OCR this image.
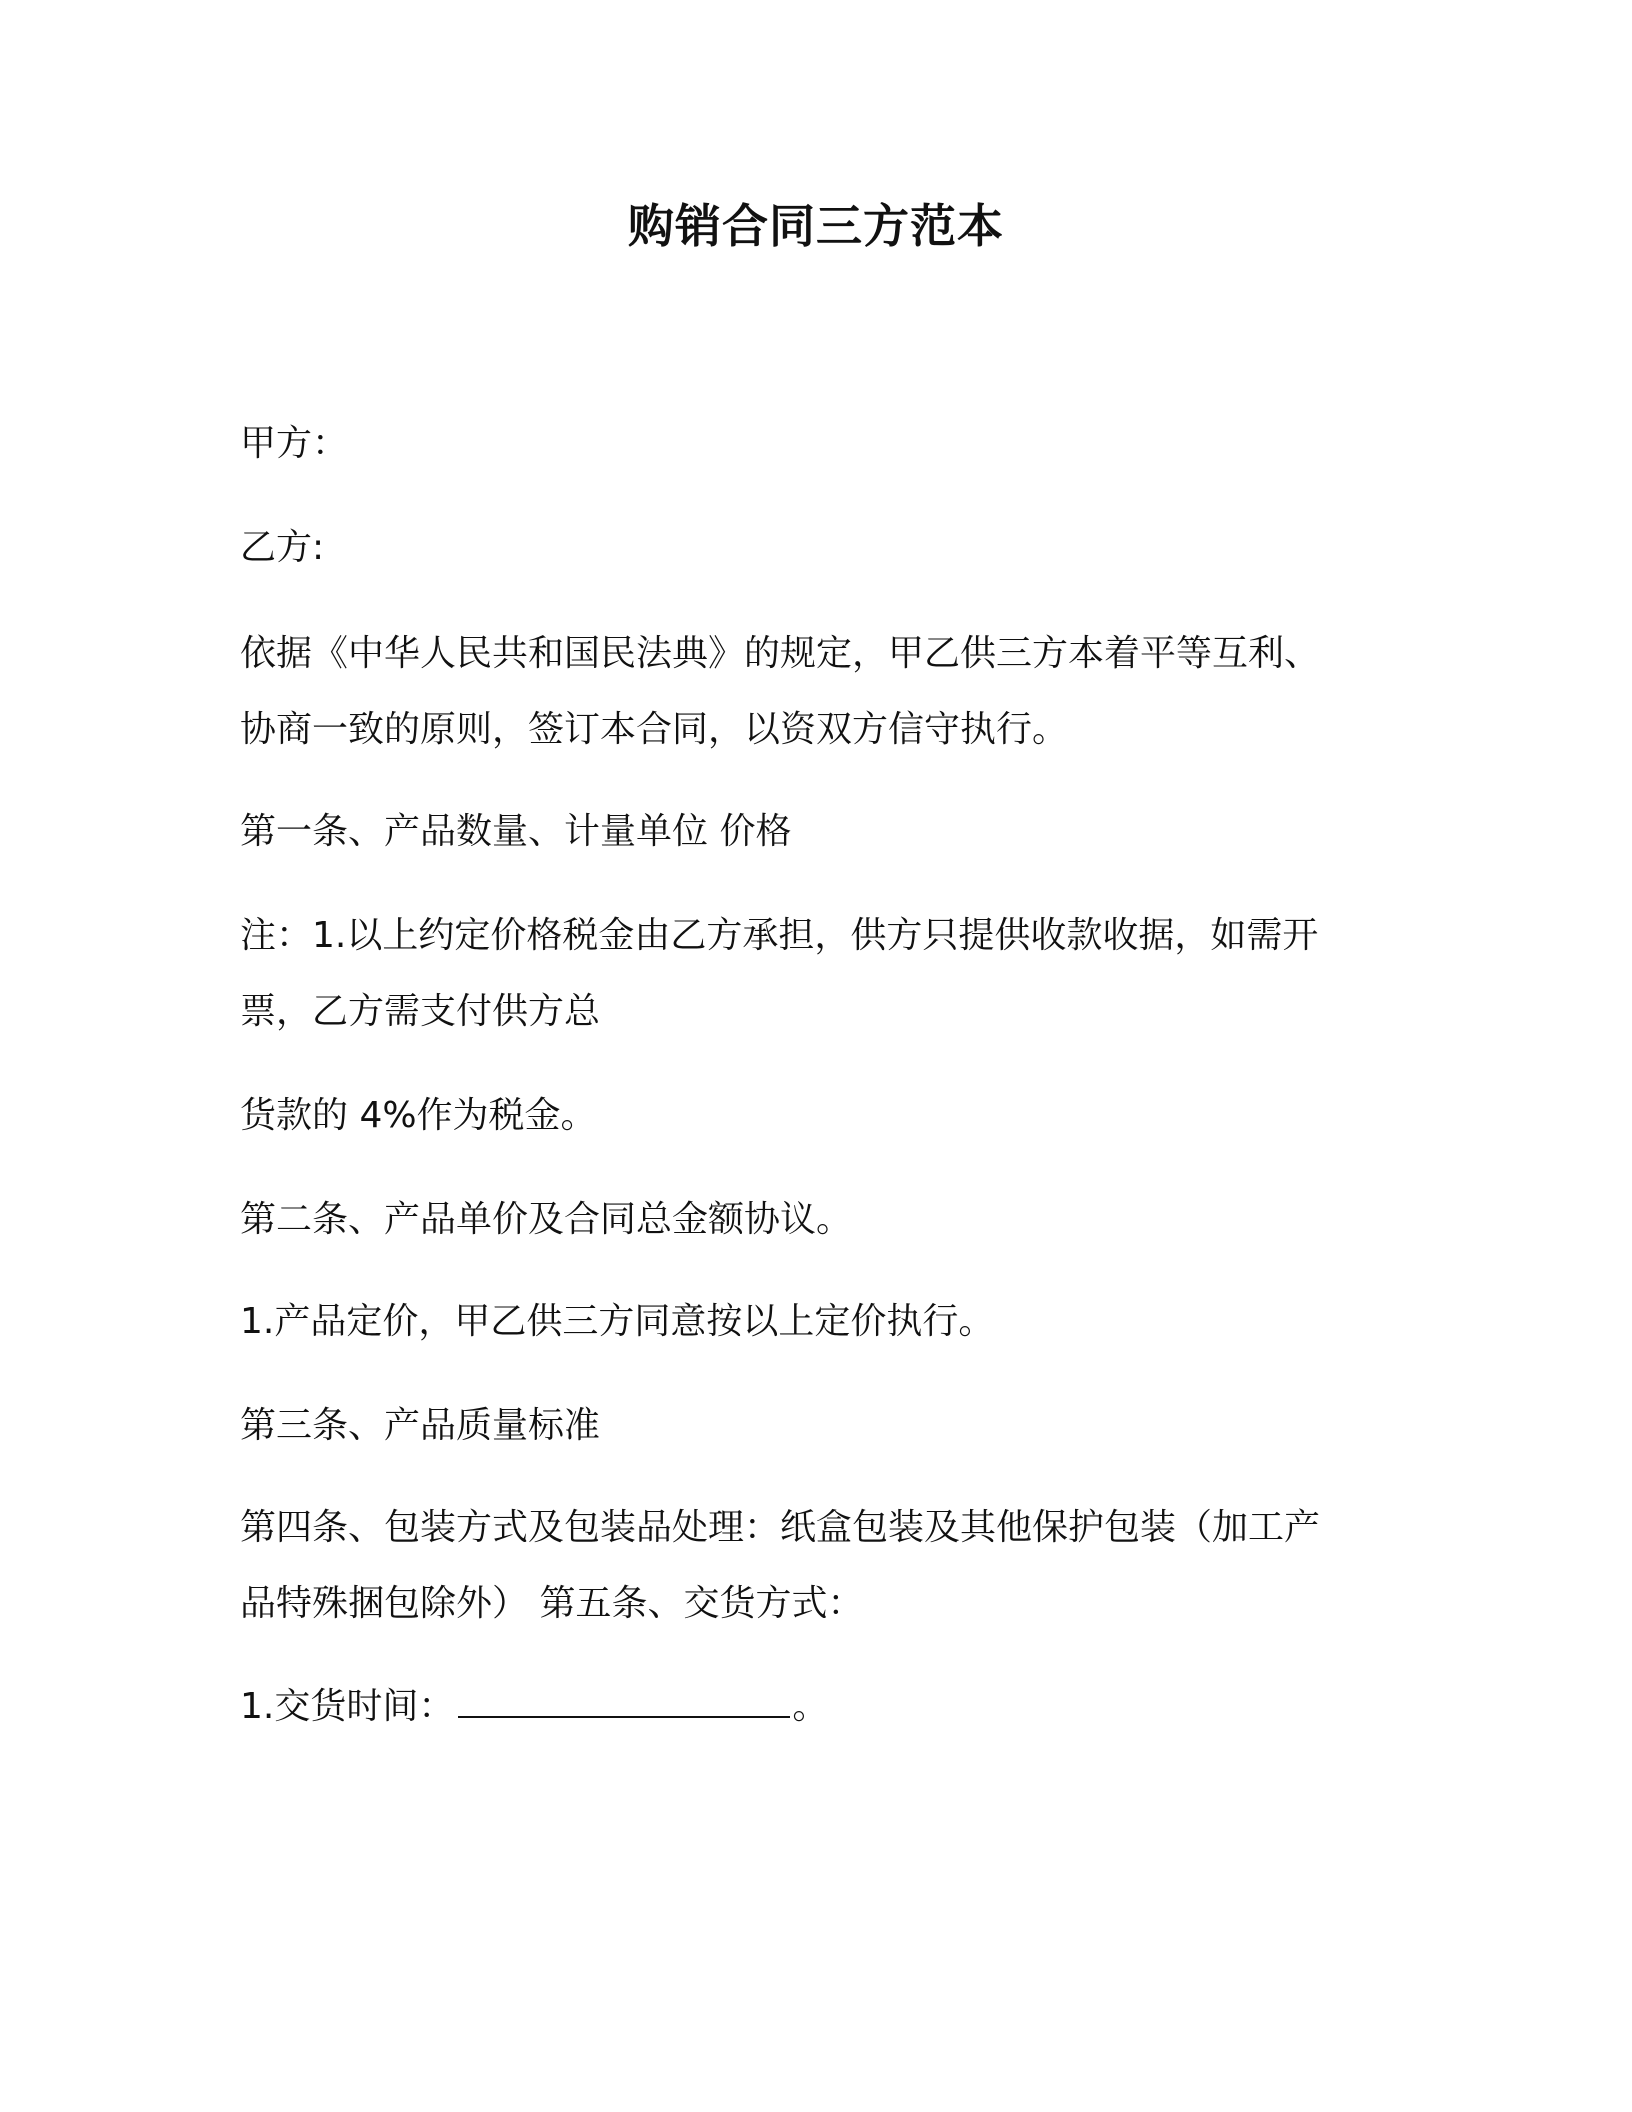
购销合同三方范本
甲方：
乙方:
依据《中华人民共和国民法典》的规定，甲乙供三方本着平等互利、
协商一致的原则，签订本合同，以资双方信守执行。
第一条、产品数量、计量单位 价格
注：1.以上约定价格税金由乙方承担，供方只提供收款收据，如需开
票，乙方需支付供方总
货款的 4%作为税金。
第二条、产品单价及合同总金额协议。
1.产品定价，甲乙供三方同意按以上定价执行。
第三条、产品质量标准
第四条、包装方式及包装品处理：纸盒包装及其他保护包装（加工产
品特殊捆包除外） 第五条、交货方式：
1.交货时间：	。
